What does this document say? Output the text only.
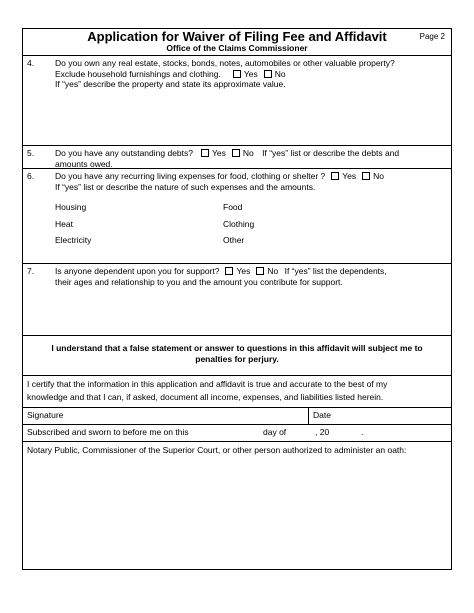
Application for Waiver of Filing Fee and Affidavit
Office of the Claims Commissioner
Page 2
4. Do you own any real estate, stocks, bonds, notes, automobiles or other valuable property?
Exclude household furnishings and clothing.	Yes No
If “yes” describe the property and state its approximate value.
5. Do you have any outstanding debts? Yes No If “yes” list or describe the debts and
amounts owed.
6. Do you have any recurring living expenses for food, clothing or shelter ? Yes No
If “yes” list or describe the nature of such expenses and the amounts.
Housing	Food
Heat	Clothing
Electricity	Other
7. Is anyone dependent upon you for support? Yes No If “yes” list the dependents,
their ages and relationship to you and the amount you contribute for support.
I understand that a false statement or answer to questions in this affidavit will subject me to penalties for perjury.
I certify that the information in this application and affidavit is true and accurate to the best of my
knowledge and that I can, if asked, document all income, expenses, and liabilities listed herein.
Signature	Date
Subscribed and sworn to before me on this	day of	, 20	.
Notary Public, Commissioner of the Superior Court, or other person authorized to administer an oath:
